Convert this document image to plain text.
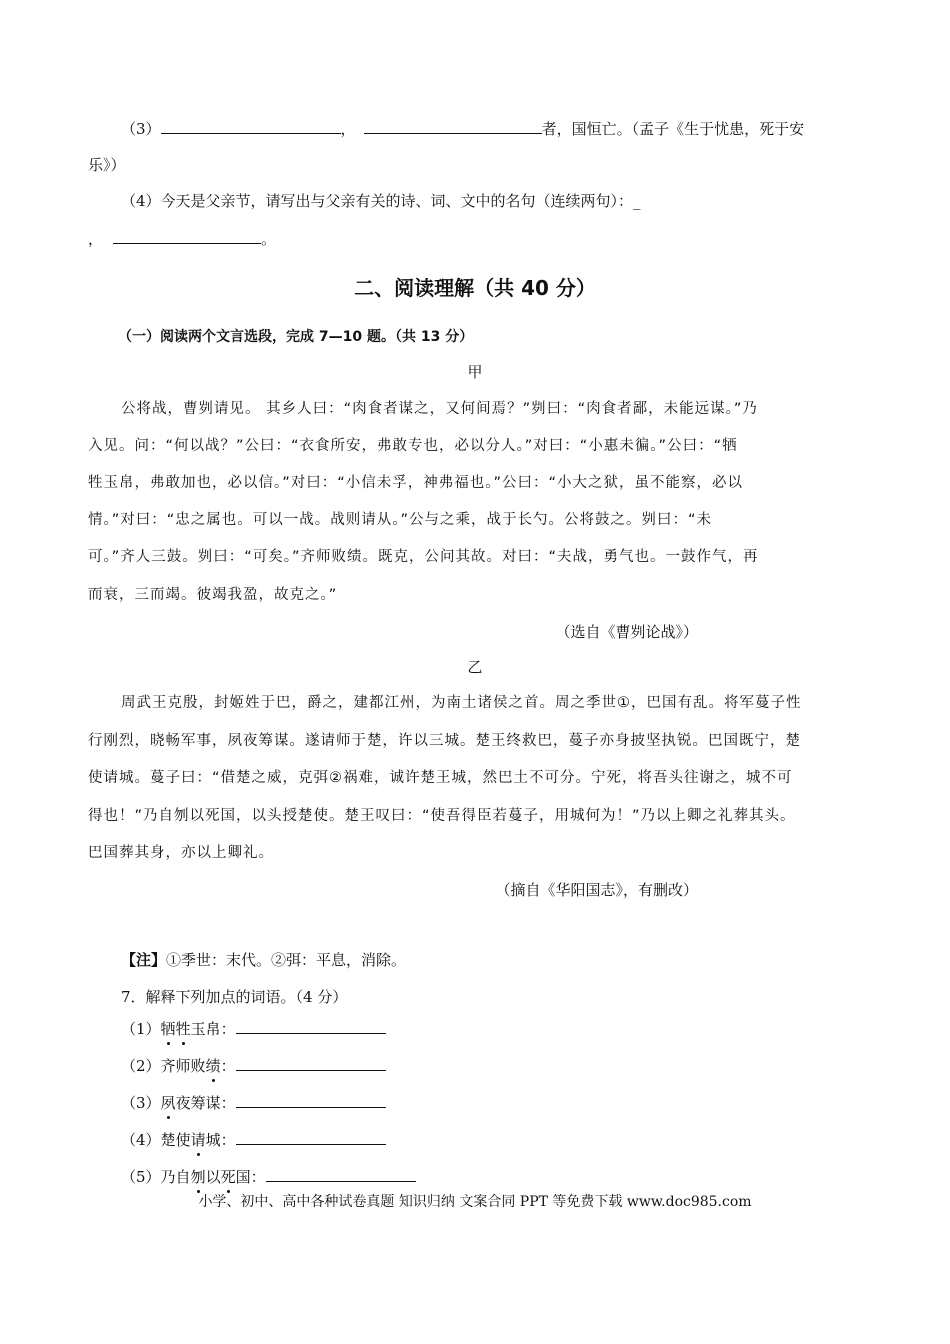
（3）	，	者，国恒亡。（孟子《生于忧患，死于安
乐》）
（4）今天是父亲节，请写出与父亲有关的诗、词、文中的名句（连续两句）：_
，	。
二、阅读理解（共 40 分）
（一）阅读两个文言选段，完成 7—10 题。（共 13 分）
甲
公将战，曹刿请见。 其乡人曰：“肉食者谋之，又何间焉？”刿曰：“肉食者鄙，未能远谋。”乃
入见。问：“何以战？”公曰：“衣食所安，弗敢专也，必以分人。”对曰：“小惠未徧。”公曰：“牺
牲玉帛，弗敢加也，必以信。”对曰：“小信未孚，神弗福也。”公曰：“小大之狱，虽不能察，必以
情。”对曰：“忠之属也。可以一战。战则请从。”公与之乘，战于长勺。公将鼓之。刿曰：“未
可。”齐人三鼓。刿曰：“可矣。”齐师败绩。既克，公问其故。对曰：“夫战，勇气也。一鼓作气，再
而衰，三而竭。彼竭我盈，故克之。”
（选自《曹刿论战》）
乙
周武王克殷，封姬姓于巴，爵之，建都江州，为南土诸侯之首。周之季世①，巴国有乱。将军蔓子性
行刚烈，晓畅军事，夙夜筹谋。遂请师于楚，许以三城。楚王终救巴，蔓子亦身披坚执锐。巴国既宁，楚
使请城。蔓子曰：“借楚之威，克弭②祸难，诚许楚王城，然巴土不可分。宁死，将吾头往谢之，城不可
得也！”乃自刎以死国，以头授楚使。楚王叹曰：“使吾得臣若蔓子，用城何为！”乃以上卿之礼葬其头。
巴国葬其身，亦以上卿礼。
（摘自《华阳国志》，有删改）
【注】①季世：末代。②弭：平息，消除。
7．解释下列加点的词语。（4 分）
（1）牺牲玉帛：
（2）齐师败绩：
（3）夙夜筹谋：
（4）楚使请城：
（5）乃自刎以死国：
小学、初中、高中各种试卷真题 知识归纳 文案合同 PPT 等免费下载 www.doc985.com
